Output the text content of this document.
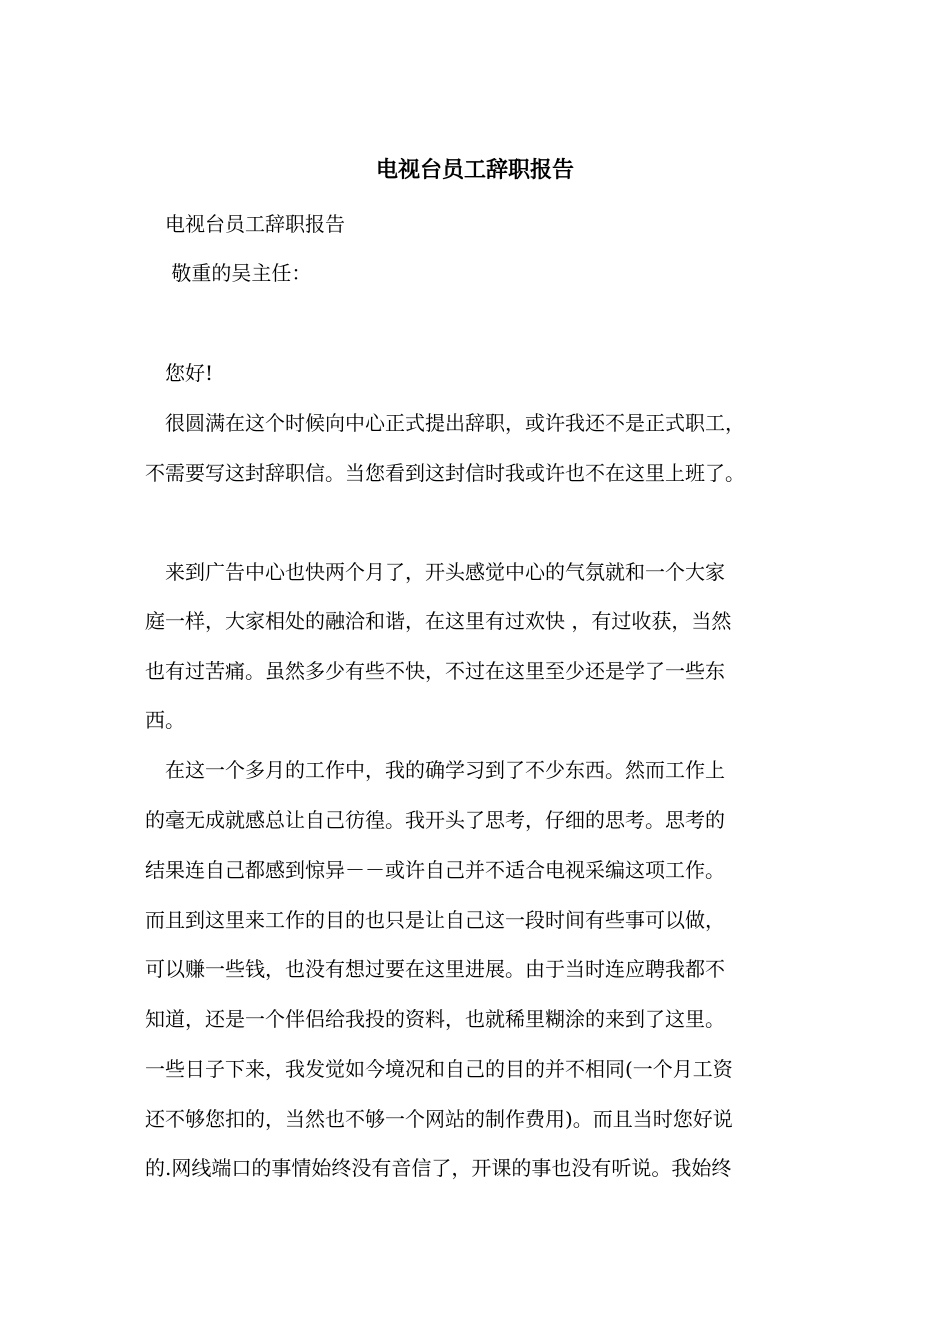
电视台员工辞职报告

　电视台员工辞职报告

　 敬重的吴主任：

　您好!

　很圆满在这个时候向中心正式提出辞职，或许我还不是正式职工，

不需要写这封辞职信。当您看到这封信时我或许也不在这里上班了。

　来到广告中心也快两个月了，开头感觉中心的气氛就和一个大家

庭一样，大家相处的融洽和谐，在这里有过欢快 ，有过收获，当然

也有过苦痛。虽然多少有些不快，不过在这里至少还是学了一些东

西。

　在这一个多月的工作中，我的确学习到了不少东西。然而工作上

的毫无成就感总让自己彷徨。我开头了思考，仔细的思考。思考的

结果连自己都感到惊异－－或许自己并不适合电视采编这项工作。

而且到这里来工作的目的也只是让自己这一段时间有些事可以做，

可以赚一些钱，也没有想过要在这里进展。由于当时连应聘我都不

知道，还是一个伴侣给我投的资料，也就稀里糊涂的来到了这里。

一些日子下来，我发觉如今境况和自己的目的并不相同(一个月工资

还不够您扣的，当然也不够一个网站的制作费用)。而且当时您好说

的.网线端口的事情始终没有音信了，开课的事也没有听说。我始终
